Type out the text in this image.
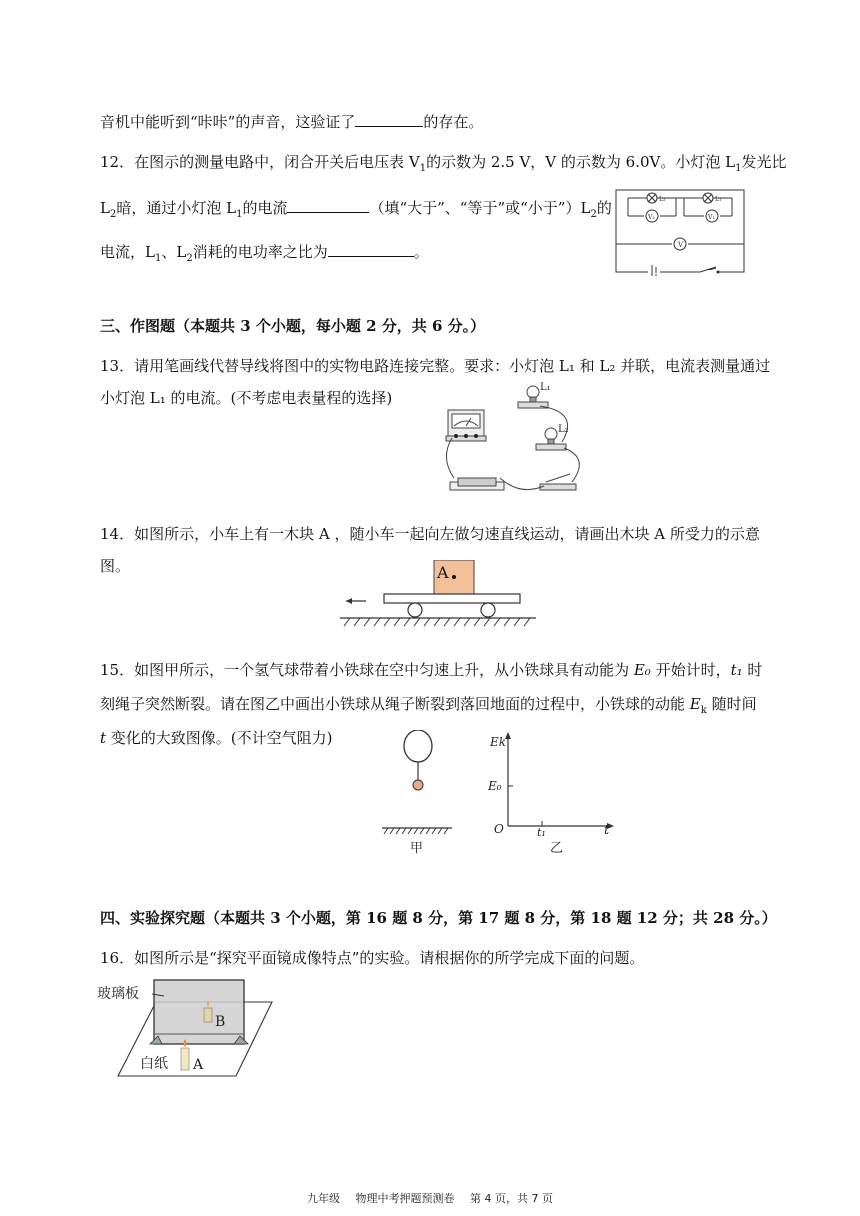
音机中能听到“咔咔”的声音，这验证了	的存在。
12．在图示的测量电路中，闭合开关后电压表 $V_1$的示数为 2.5 V，V 的示数为 6.0V。小灯泡 $L_1$发光比
$L_2$暗，通过小灯泡 $L_1$的电流	（填“大于”、“等于”或“小于$”)L_2$的
电流，$L_1$、$L_2$消耗的电功率之比为	。
L₂	L₁
V₂	V₁
V
三、作图题（本题共 3 个小题，每小题 2 分，共 6 分。）
13．请用笔画线代替导线将图中的实物电路连接完整。要求：小灯泡 L₁ 和 L₂ 并联，电流表测量通过
小灯泡 L₁ 的电流。(不考虑电表量程的选择)
L₁
L₂
14．如图所示，小车上有一木块 A ，随小车一起向左做匀速直线运动，请画出木块 A 所受力的示意
图。	A
15．如图甲所示，一个氢气球带着小铁球在空中匀速上升，从小铁球具有动能为 E₀ 开始计时，t₁ 时
刻绳子突然断裂。请在图乙中画出小铁球从绳子断裂到落回地面的过程中，小铁球的动能 $E_k$ 随时间
t 变化的大致图像。(不计空气阻力)
甲
Ek
E₀
O	t₁	t
乙
四、实验探究题（本题共 3 个小题，第 16 题 8 分，第 17 题 8 分，第 18 题 12 分；共 28 分。）
16．如图所示是“探究平面镜成像特点”的实验。请根据你的所学完成下面的问题。
玻璃板
白纸 A
B
九年级 物理中考押题预测卷 第 4 页，共 7 页
